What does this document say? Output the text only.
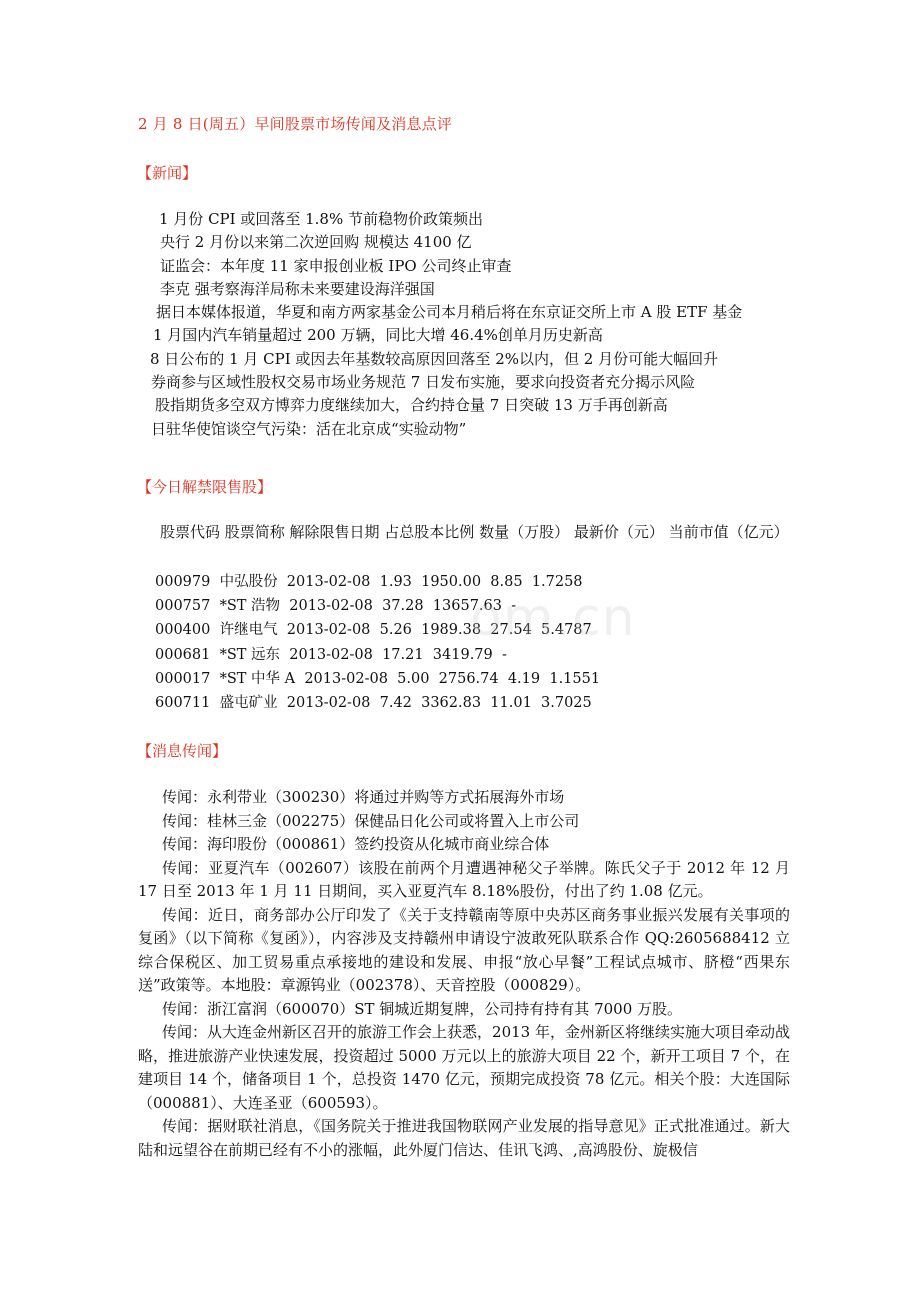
2 月 8 日(周五）早间股票市场传闻及消息点评
【新闻】
1 月份 CPI 或回落至 1.8% 节前稳物价政策频出
央行 2 月份以来第二次逆回购 规模达 4100 亿
证监会：本年度 11 家申报创业板 IPO 公司终止审查
李克 强考察海洋局称未来要建设海洋强国
据日本媒体报道，华夏和南方两家基金公司本月稍后将在东京证交所上市 A 股 ETF 基金
1 月国内汽车销量超过 200 万辆，同比大增 46.4%创单月历史新高
8 日公布的 1 月 CPI 或因去年基数较高原因回落至 2%以内，但 2 月份可能大幅回升
券商参与区域性股权交易市场业务规范 7 日发布实施，要求向投资者充分揭示风险
股指期货多空双方博弈力度继续加大，合约持仓量 7 日突破 13 万手再创新高
日驻华使馆谈空气污染：活在北京成“实验动物”
【今日解禁限售股】
股票代码 股票简称 解除限售日期 占总股本比例 数量（万股） 最新价（元） 当前市值（亿元）
000979  中弘股份  2013-02-08  1.93  1950.00  8.85  1.7258
000757  *ST 浩物  2013-02-08  37.28  13657.63  -
000400  许继电气  2013-02-08  5.26  1989.38  27.54  5.4787
000681  *ST 远东  2013-02-08  17.21  3419.79  -
000017  *ST 中华 A  2013-02-08  5.00  2756.74  4.19  1.1551
600711  盛屯矿业  2013-02-08  7.42  3362.83  11.01  3.7025
om.cn
【消息传闻】

传闻：永利带业（300230）将通过并购等方式拓展海外市场

传闻：桂林三金（002275）保健品日化公司或将置入上市公司

传闻：海印股份（000861）签约投资从化城市商业综合体

传闻：亚夏汽车（002607）该股在前两个月遭遇神秘父子举牌。陈氏父子于 2012 年 12 月 17 日至 2013 年 1 月 11 日期间，买入亚夏汽车 8.18%股份，付出了约 1.08 亿元。

传闻：近日，商务部办公厅印发了《关于支持赣南等原中央苏区商务事业振兴发展有关事项的复函》（以下简称《复函》），内容涉及支持赣州申请设宁波敢死队联系合作 QQ:2605688412 立综合保税区、加工贸易重点承接地的建设和发展、申报“放心早餐”工程试点城市、脐橙“西果东送”政策等。本地股：章源钨业（002378）、天音控股（000829）。

传闻：浙江富润（600070）ST 铜城近期复牌，公司持有持有其 7000 万股。

传闻：从大连金州新区召开的旅游工作会上获悉，2013 年，金州新区将继续实施大项目牵动战略，推进旅游产业快速发展，投资超过 5000 万元以上的旅游大项目 22 个，新开工项目 7 个，在建项目 14 个，储备项目 1 个，总投资 1470 亿元，预期完成投资 78 亿元。相关个股：大连国际（000881）、大连圣亚（600593）。

传闻：据财联社消息，《国务院关于推进我国物联网产业发展的指导意见》正式批准通过。新大陆和远望谷在前期已经有不小的涨幅，此外厦门信达、佳讯飞鸿、,高鸿股份、旋极信
